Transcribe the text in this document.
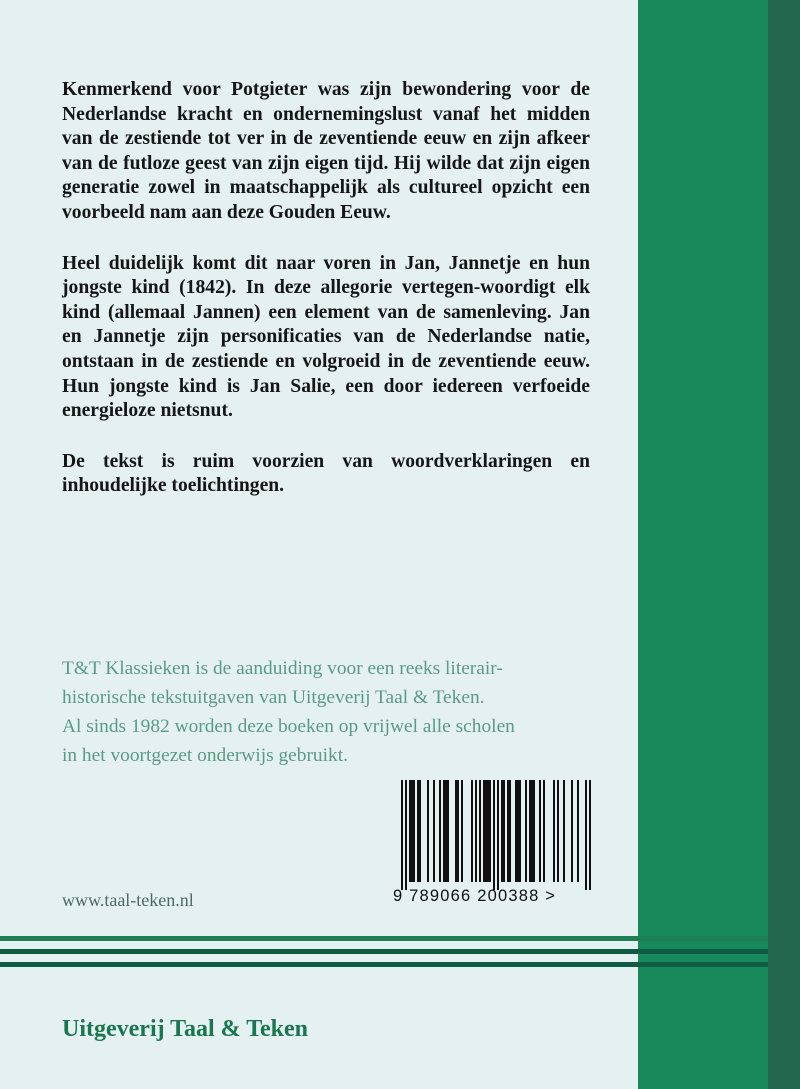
Kenmerkend voor Potgieter was zijn bewondering voor de Nederlandse kracht en ondernemingslust vanaf het midden van de zestiende tot ver in de zeventiende eeuw en zijn afkeer van de futloze geest van zijn eigen tijd. Hij wilde dat zijn eigen generatie zowel in maatschappelijk als cultureel opzicht een voorbeeld nam aan deze Gouden Eeuw.

Heel duidelijk komt dit naar voren in Jan, Jannetje en hun jongste kind (1842). In deze allegorie vertegen-woordigt elk kind (allemaal Jannen) een element van de samenleving. Jan en Jannetje zijn personificaties van de Nederlandse natie, ontstaan in de zestiende en volgroeid in de zeventiende eeuw. Hun jongste kind is Jan Salie, een door iedereen verfoeide energieloze nietsnut.

De tekst is ruim voorzien van woordverklaringen en inhoudelijke toelichtingen.

T&T Klassieken is de aanduiding voor een reeks literair-

historische tekstuitgaven van Uitgeverij Taal & Teken.

Al sinds 1982 worden deze boeken op vrijwel alle scholen

in het voortgezet onderwijs gebruikt.

9 789066 200388 >
www.taal-teken.nl
Uitgeverij Taal & Teken
